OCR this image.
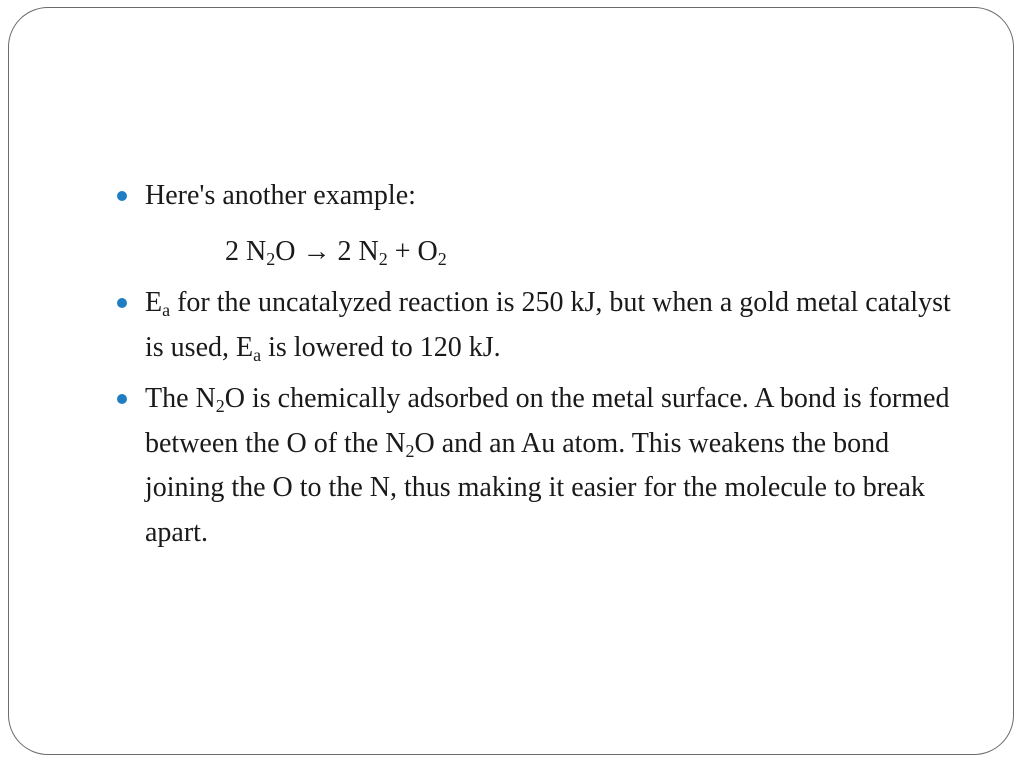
Here's another example:
2 $N_2O \to 2$ $N_2 + O_2$
$E_a$ for the uncatalyzed reaction is 250 kJ, but when a gold metal catalyst is used, $E_a$ is lowered to 120 kJ.
The $N_2O$ is chemically adsorbed on the metal surface. A bond is formed between the O of the $N_2O$ and an Au atom. This weakens the bond joining the O to the N, thus making it easier for the molecule to break apart.
